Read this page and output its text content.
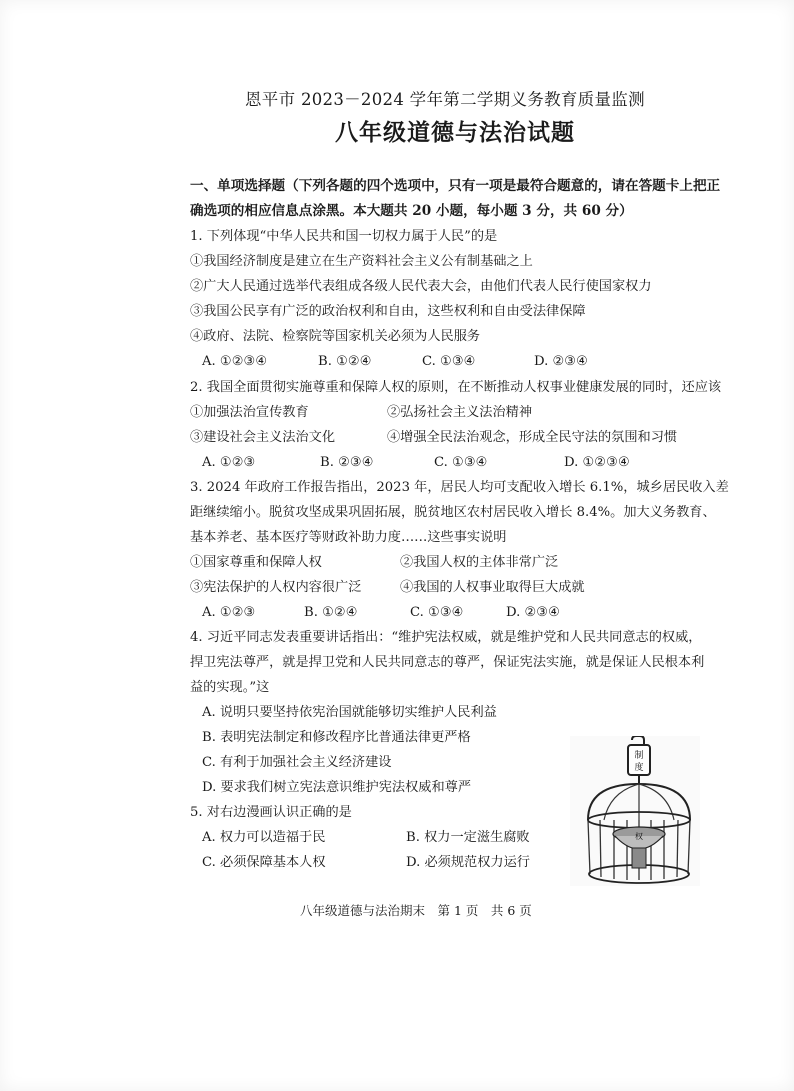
恩平市 2023－2024 学年第二学期义务教育质量监测
八年级道德与法治试题
一、单项选择题（下列各题的四个选项中，只有一项是最符合题意的，请在答题卡上把正
确选项的相应信息点涂黑。本大题共 20 小题，每小题 3 分，共 60 分）
1. 下列体现“中华人民共和国一切权力属于人民”的是
①我国经济制度是建立在生产资料社会主义公有制基础之上
②广大人民通过选举代表组成各级人民代表大会，由他们代表人民行使国家权力
③我国公民享有广泛的政治权利和自由，这些权利和自由受法律保障
④政府、法院、检察院等国家机关必须为人民服务
A. ①②③④	B. ①②④	C. ①③④	D. ②③④
2. 我国全面贯彻实施尊重和保障人权的原则，在不断推动人权事业健康发展的同时，还应该
①加强法治宣传教育	②弘扬社会主义法治精神
③建设社会主义法治文化	④增强全民法治观念，形成全民守法的氛围和习惯
A. ①②③	B. ②③④	C. ①③④	D. ①②③④
3. 2024 年政府工作报告指出，2023 年，居民人均可支配收入增长 6.1%，城乡居民收入差
距继续缩小。脱贫攻坚成果巩固拓展，脱贫地区农村居民收入增长 8.4%。加大义务教育、
基本养老、基本医疗等财政补助力度……这些事实说明
①国家尊重和保障人权	②我国人权的主体非常广泛
③宪法保护的人权内容很广泛	④我国的人权事业取得巨大成就
A. ①②③	B. ①②④	C. ①③④	D. ②③④
4. 习近平同志发表重要讲话指出：“维护宪法权威，就是维护党和人民共同意志的权威，
捍卫宪法尊严，就是捍卫党和人民共同意志的尊严，保证宪法实施，就是保证人民根本利
益的实现。”这
A. 说明只要坚持依宪治国就能够切实维护人民利益
B. 表明宪法制定和修改程序比普通法律更严格
C. 有利于加强社会主义经济建设
D. 要求我们树立宪法意识维护宪法权威和尊严
5. 对右边漫画认识正确的是
A. 权力可以造福于民	B. 权力一定滋生腐败
C. 必须保障基本人权	D. 必须规范权力运行
制
度
权
八年级道德与法治期末　第 1 页　共 6 页
